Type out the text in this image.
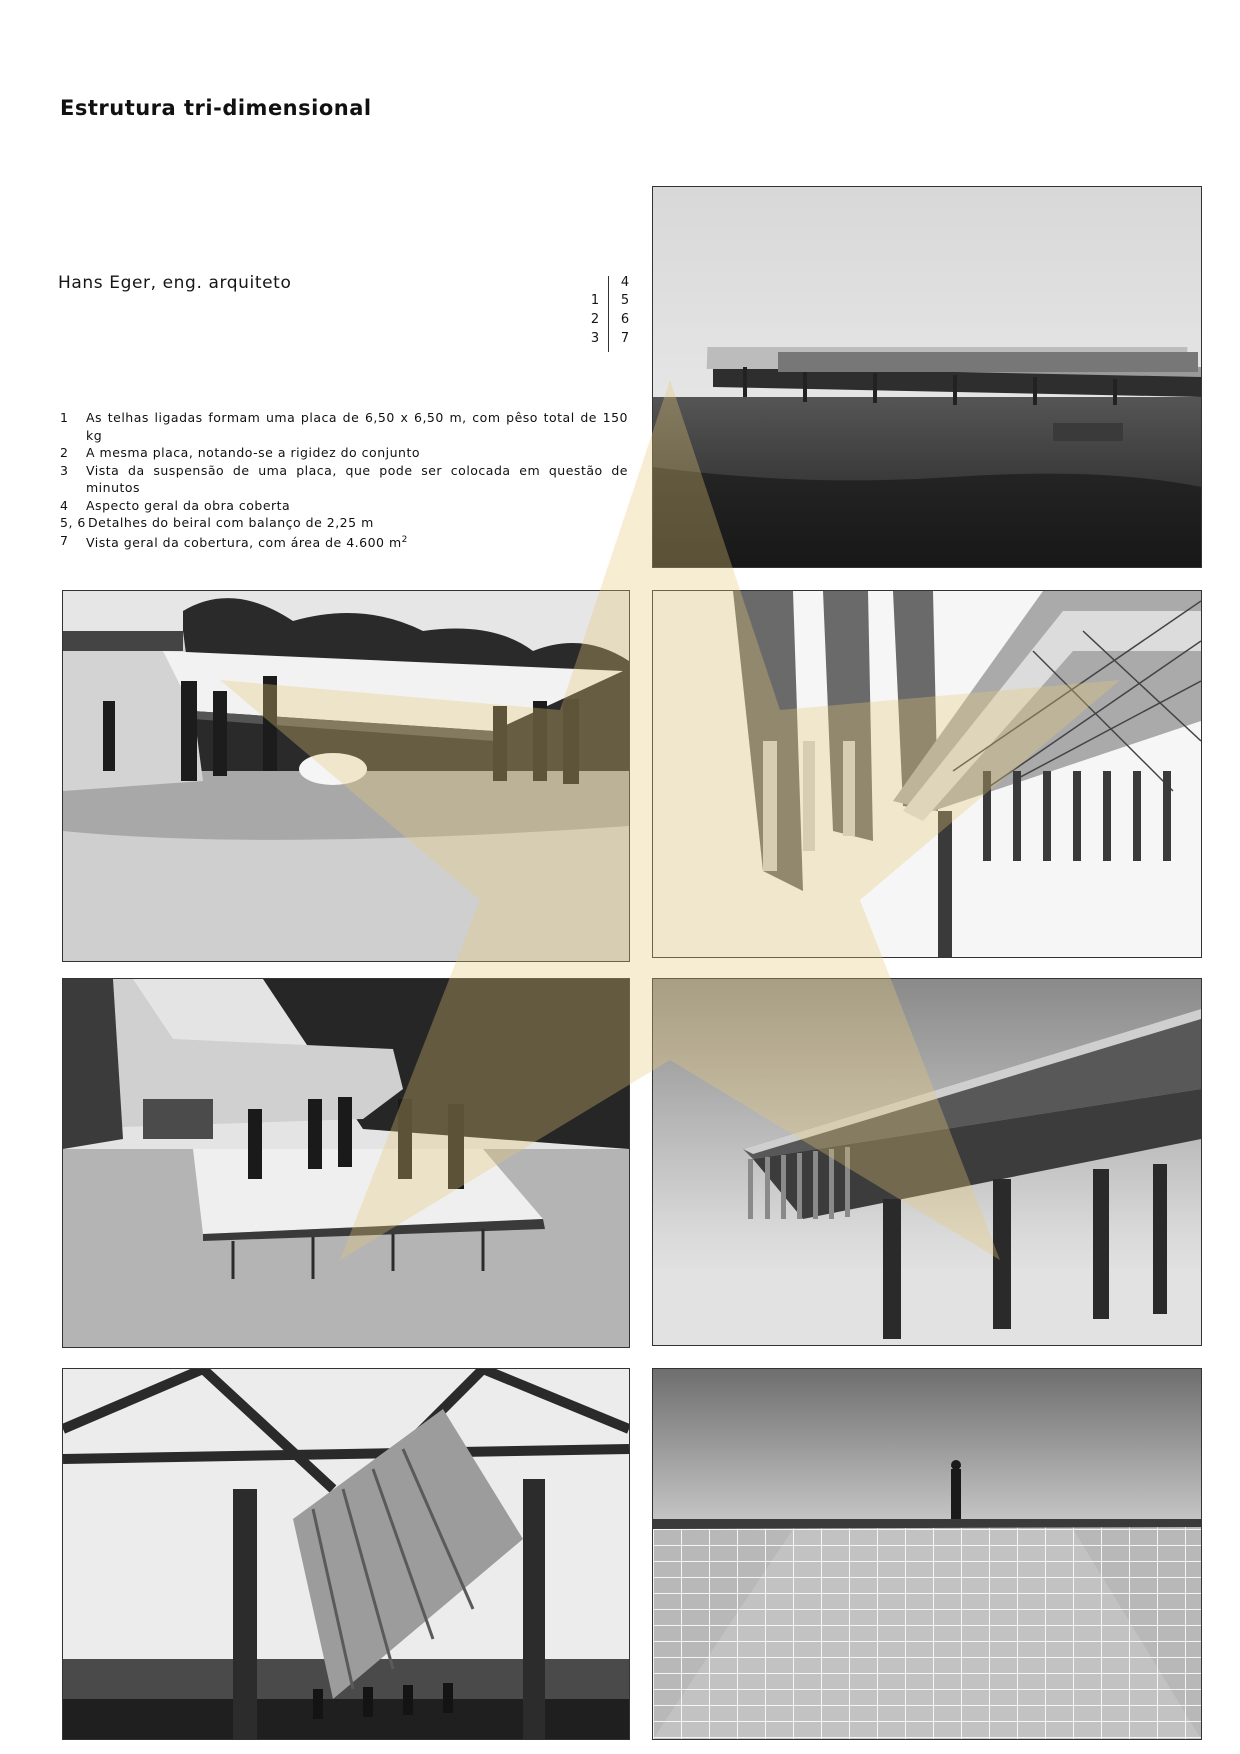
Estrutura tri-dimensional
Hans Eger, eng. arquiteto	4
1 5
2 6
3 7
1	As telhas ligadas formam uma placa de 6,50 x 6,50 m, com pêso total de 150 kg
2	A mesma placa, notando-se a rigidez do conjunto
3	Vista da suspensão de uma placa, que pode ser colocada em questão de minutos
4	Aspecto geral da obra coberta
5, 6 Detalhes do beiral com balanço de 2,25 m
7	Vista geral da cobertura, com área de 4.600 $m^2$
